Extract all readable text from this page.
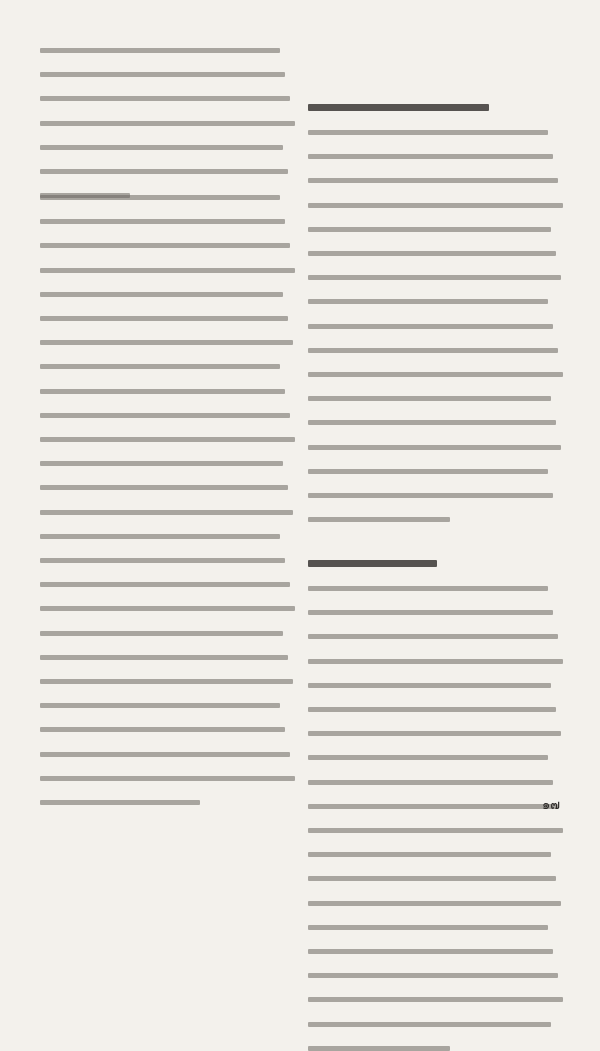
๑๗
